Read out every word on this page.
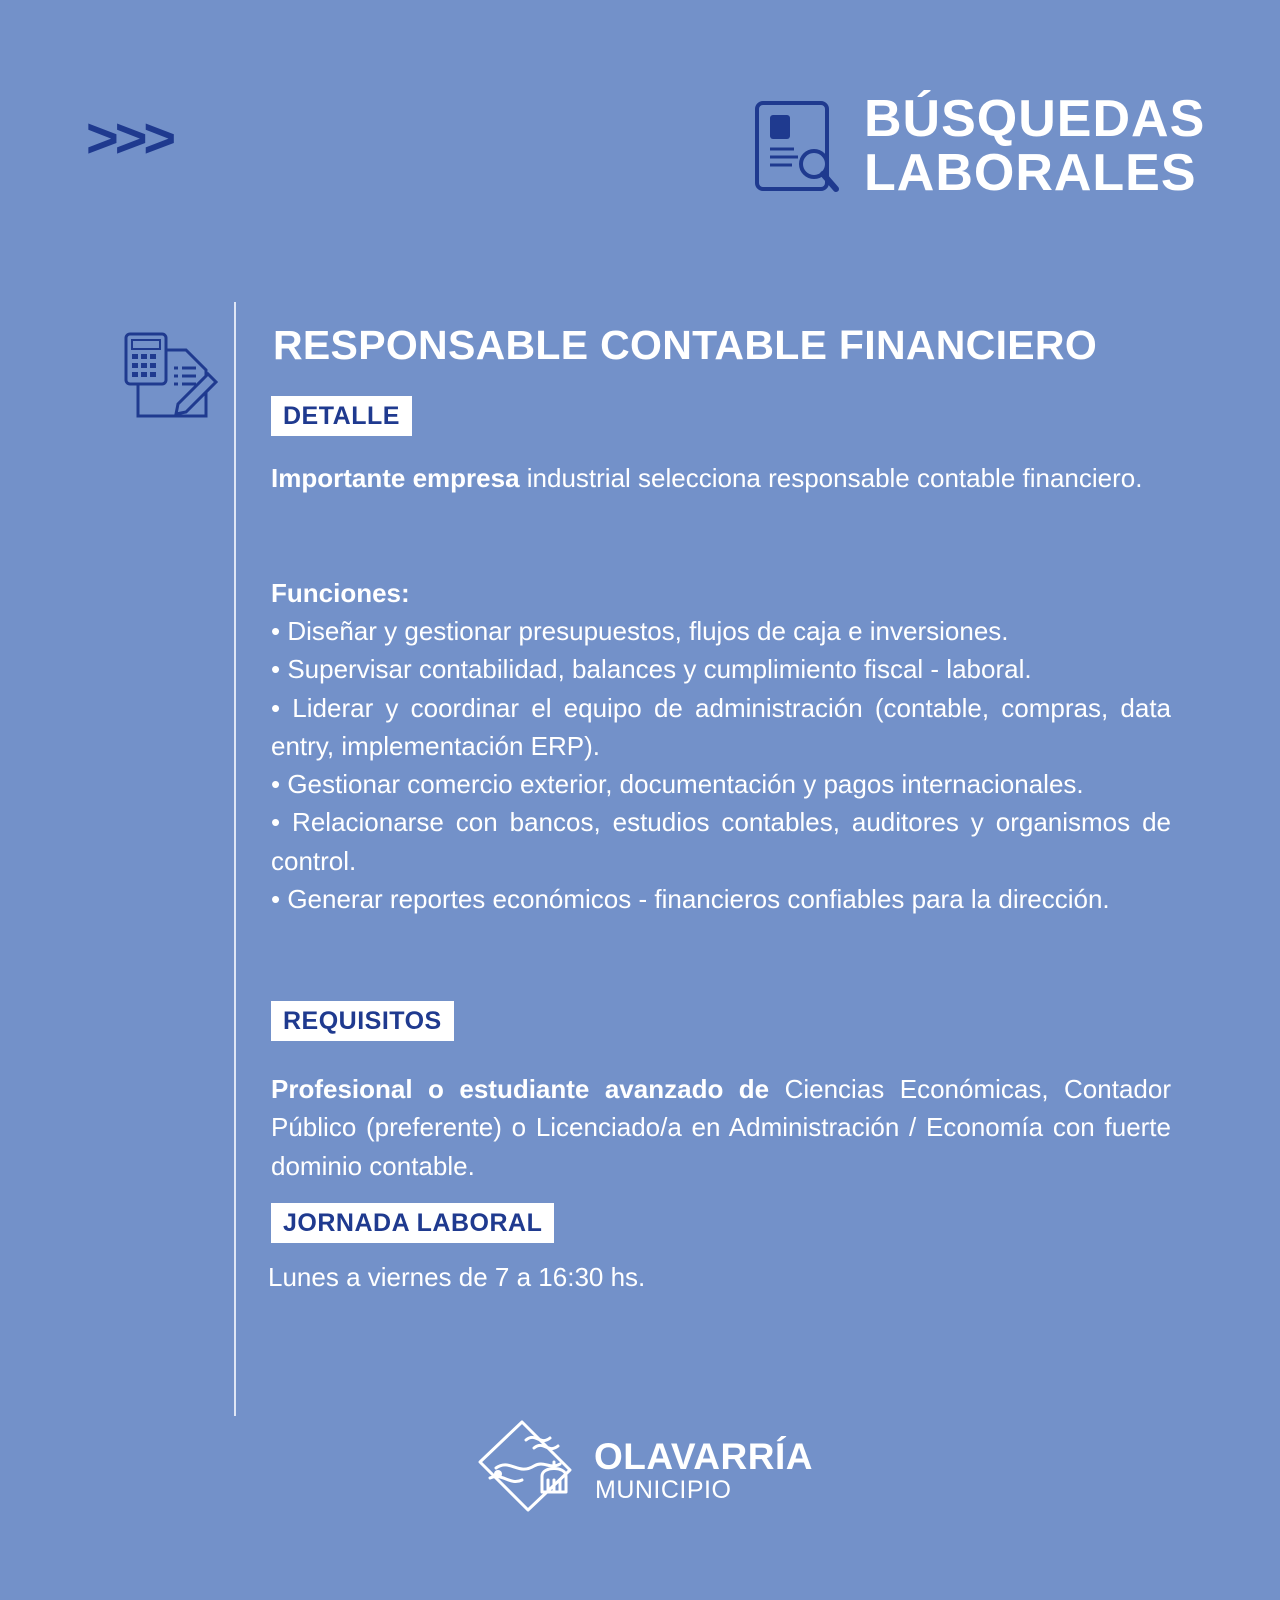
>>>	BÚSQUEDAS
LABORALES
RESPONSABLE CONTABLE FINANCIERO
DETALLE
Importante empresa industrial selecciona responsable contable financiero.
Funciones:
• Diseñar y gestionar presupuestos, flujos de caja e inversiones.
• Supervisar contabilidad, balances y cumplimiento fiscal - laboral.
• Liderar y coordinar el equipo de administración (contable, compras, data entry, implementación ERP).
• Gestionar comercio exterior, documentación y pagos internacionales.
• Relacionarse con bancos, estudios contables, auditores y organismos de control.
• Generar reportes económicos - financieros confiables para la dirección.
REQUISITOS
Profesional o estudiante avanzado de Ciencias Económicas, Contador Público (preferente) o Licenciado/a en Administración / Economía con fuerte dominio contable.
JORNADA LABORAL
Lunes a viernes de 7 a 16:30 hs.
OLAVARRÍA
MUNICIPIO
